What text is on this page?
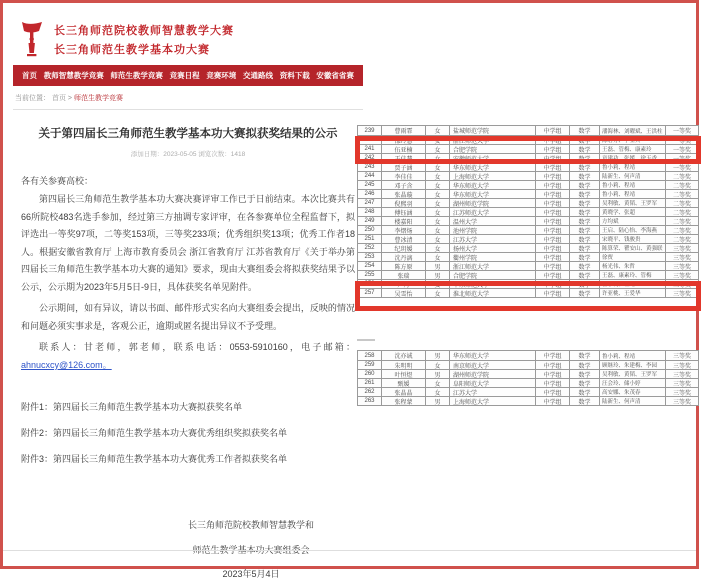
长三角师范院校教师智慧教学大赛
长三角师范生教学基本功大赛
首页 教师智慧教学竞赛 师范生教学竞赛 竞赛日程 竞赛环境 交通路线 资料下载 安徽省省赛
当前位置： 首页 > 师范生教学竞赛
关于第四届长三角师范生教学基本功大赛拟获奖结果的公示
添加日期：2023-05-05 浏览次数：1418
各有关参赛高校：

第四届长三角师范生教学基本功大赛决赛评审工作已于日前结束。本次比赛共有66所院校483名选手参加，经过第三方抽调专家评审，在各参赛单位全程监督下，拟评选出一等奖97项，二等奖153项，三等奖233项；优秀组织奖13项；优秀工作者18人。根据安徽省教育厅 上海市教育委员会 浙江省教育厅 江苏省教育厅《关于举办第四届长三角师范生教学基本功大赛的通知》要求，现由大赛组委会将拟获奖结果予以公示，公示期为2023年5月5日-9日，具体获奖名单见附件。

公示期间，如有异议，请以书面、邮件形式实名向大赛组委会提出，反映的情况和问题必须实事求是，客观公正，逾期或匿名提出异议不予受理。

联系人：甘老师，郭老师，联系电话：0553-5910160，电子邮箱：ahnucxcy@126.com。

附件1：第四届长三角师范生教学基本功大赛拟获奖名单
附件2：第四届长三角师范生教学基本功大赛优秀组织奖拟获奖名单
附件3：第四届长三角师范生教学基本功大赛优秀工作者拟获奖名单
长三角师范院校教师智慧教学和
师范生教学基本功大赛组委会
2023年5月4日
239	曹雨霏	女	盐城师范学院	中学组	数学	潘海林、刘曜斌、王洪柱	一等奖
240	邵玲慧	女	浙江师范大学	中学组	数学	陈碧芬、李金其	一等奖
241	伍亚楠	女	合肥学院	中学组	数学	王磊、管梅、康素玲	一等奖
242	王佳慧	女	安徽师范大学	中学组	数学	章建功、张媛、徐玉香	一等奖
243	贾子涵	女	华东师范大学	中学组	数学	鲁小莉、程靖	一等奖
244	李佳佳	女	上海师范大学	中学组	数学	陆新生、何声清	二等奖
245	邓子含	女	华东师范大学	中学组	数学	鲁小莉、程靖	二等奖
246	张晶璇	女	华东师范大学	中学组	数学	鲁小莉、程靖	二等奖
247	倪熙羽	女	湖州师范学院	中学组	数学	吴利敏、黄韬、王罗军	二等奖
248	傅钰涵	女	江苏师范大学	中学组	数学	黄晓学、张超	二等奖
249	楼嘉阳	女	温州大学	中学组	数学	方均斌	二等奖
250	李熠炀	女	池州学院	中学组	数学	王启、陆心怡、李海燕	二等奖
251	曹冰清	女	江苏大学	中学组	数学	宋晓平、钱骏贵	二等奖
252	纪玥媛	女	扬州大学	中学组	数学	陈算荣、瞿安山、黄强联	三等奖
253	沈丹漓	女	衢州学院	中学组	数学	徐贾	三等奖
254	陈方原	男	浙江师范大学	中学组	数学	杨光伟、朱哲	三等奖
255	张瑞	男	合肥学院	中学组	数学	王磊、康素玲、管梅	三等奖
256	严丹	女	华东师范大学	中学组	数学	鲁小莉、程靖	三等奖
257	吴雪怡	女	淮北师范大学	中学组	数学	许亚桃、王爱华	三等奖
258	沈亦诚	男	华东师范大学	中学组	数学	鲁小莉、程靖	三等奖
259	朱明明	女	南京师范大学	中学组	数学	顾继玲、朱建梅、李园	三等奖
260	叶恒煜	男	湖州师范学院	中学组	数学	吴利敏、黄韬、王罗军	三等奖
261	甄媛	女	阜阳师范大学	中学组	数学	汪会玲、储小婷	三等奖
262	张晶晶	女	江苏大学	中学组	数学	高安娜、朱茂春	三等奖
263	张程蒙	男	上海师范大学	中学组	数学	陆新生、何声清	三等奖
